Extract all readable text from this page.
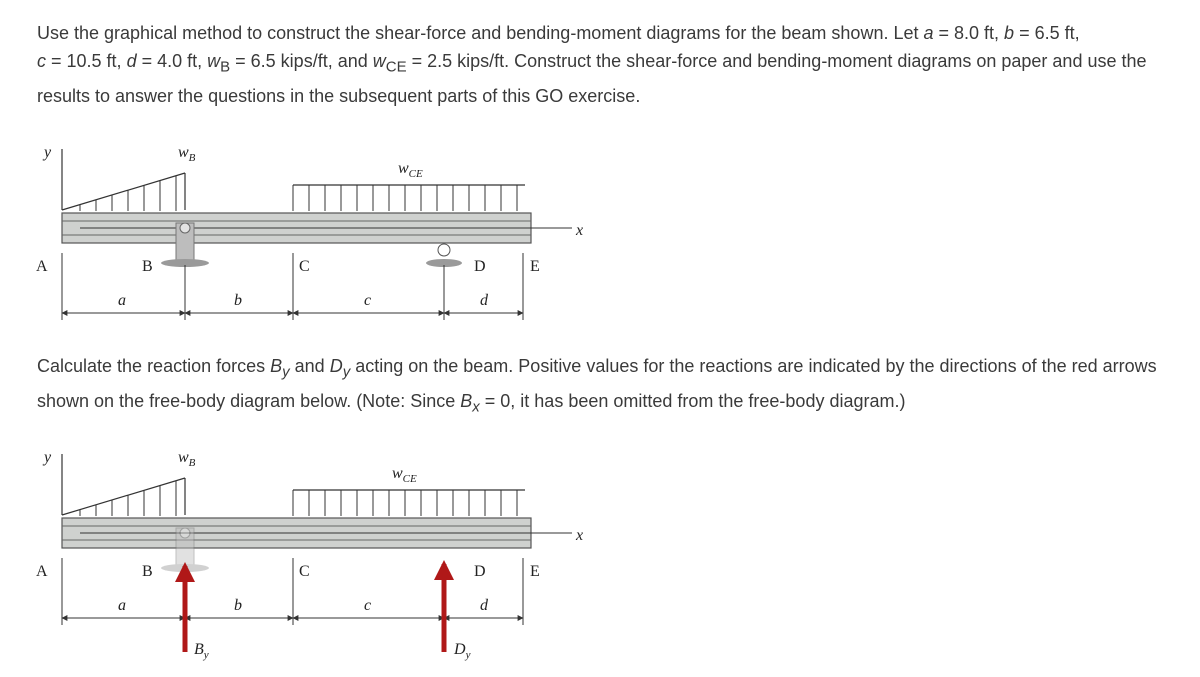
Use the graphical method to construct the shear-force and bending-moment diagrams for the beam shown. Let a = 8.0 ft, b = 6.5 ft,
c = 10.5 ft, d = 4.0 ft, $w_B = 6.5$ kips/ft, and $w_{CE} = 2.5$ kips/ft. Construct the shear-force and bending-moment diagrams on paper and use the results to answer the questions in the subsequent parts of this GO exercise.
Calculate the reaction forces $B_y$ and $D_y$ acting on the beam. Positive values for the reactions are indicated by the directions of the red arrows shown on the free-body diagram below. (Note: Since $B_x = 0$, it has been omitted from the free-body diagram.)
y	$w_B$
$w_{CE}$
x
A	B	C	D	E
a	b	c	d
y	$w_B$
$w_{CE}$
x
A	B	C	D	E
a	b	c	d
$B_y$	$D_y$
